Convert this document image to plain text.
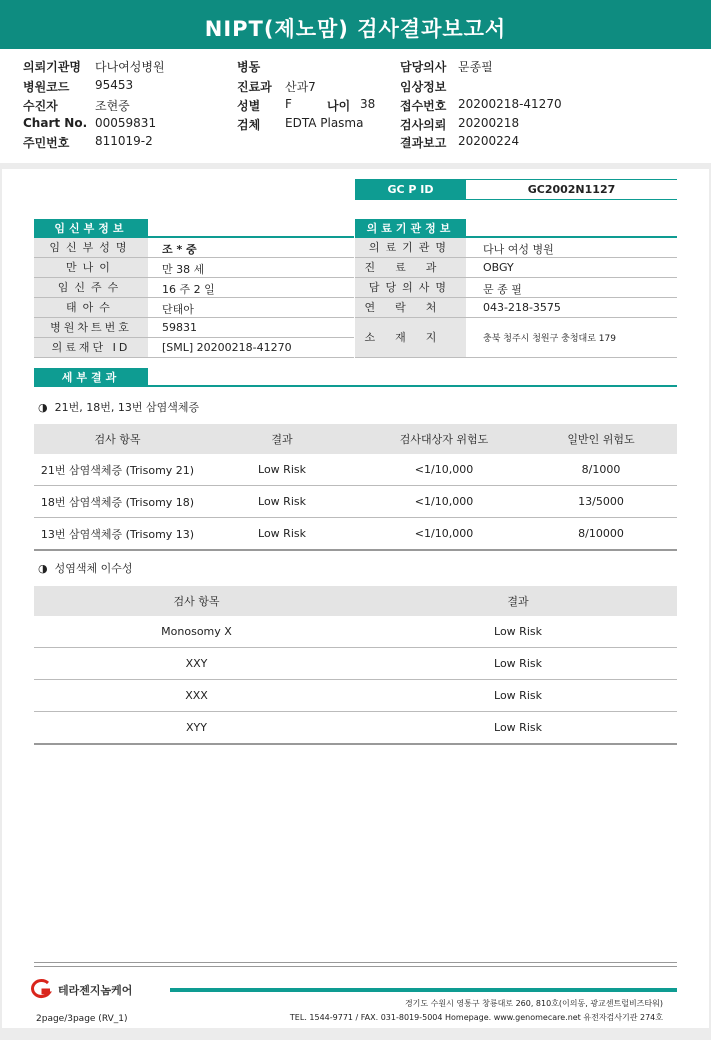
NIPT(제노맘) 검사결과보고서
의뢰기관명 다나여성병원
병원코드 95453
수진자	조현중
Chart No. 00059831
주민번호 811019-2
병동
진료과 산과7
성별 F	나이 38
검체 EDTA Plasma
담당의사 문종필
임상정보
접수번호 20200218-41270
검사의뢰 20200218
결과보고 20200224
GC P ID	GC2002N1127
임신부정보
임신부성명	조 * 중
만나이	만 38 세
임신주수	16 주 2 일
태아수	단태아
병원차트번호	59831
의료재단 ID	[SML] 20200218-41270
의료기관정보
의료기관명	다나 여성 병원
진료과	OBGY
담당의사명	문 종 필
연락처	043-218-3575
소재지	충북 청주시 청원구 충청대로 179
세부결과
◑ 21번, 18번, 13번 삼염색체증
검사 항목	결과	검사대상자 위험도	일반인 위험도
21번 삼염색체증 (Trisomy 21)	Low Risk	<1/10,000	8/1000
18번 삼염색체증 (Trisomy 18)	Low Risk	<1/10,000	13/5000
13번 삼염색체증 (Trisomy 13)	Low Risk	<1/10,000	8/10000
◑ 성염색체 이수성
검사 항목	결과
Monosomy X	Low Risk
XXY	Low Risk
XXX	Low Risk
XYY	Low Risk
테라젠지놈케어
경기도 수원시 영통구 창룡대로 260, 810호(이의동, 광교센트럴비즈타워)
TEL. 1544-9771 / FAX. 031-8019-5004 Homepage. www.genomecare.net 유전자검사기관 274호
2page/3page (RV_1)
